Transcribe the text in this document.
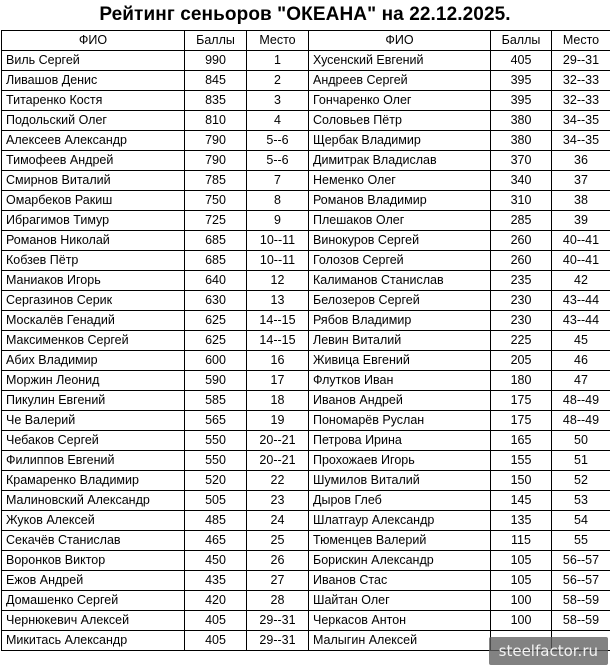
Рейтинг сеньоров "ОКЕАНА" на 22.12.2025.
ФИО	Баллы	Место	ФИО	Баллы	Место
Виль Сергей	990	1	Хусенский Евгений	405	29--31
Ливашов Денис	845	2	Андреев Сергей	395	32--33
Титаренко Костя	835	3	Гончаренко Олег	395	32--33
Подольский Олег	810	4	Соловьев Пётр	380	34--35
Алексеев Александр	790	5--6	Щербак Владимир	380	34--35
Тимофеев Андрей	790	5--6	Димитрак Владислав	370	36
Смирнов Виталий	785	7	Неменко Олег	340	37
Омарбеков Ракиш	750	8	Романов Владимир	310	38
Ибрагимов Тимур	725	9	Плешаков Олег	285	39
Романов Николай	685	10--11	Винокуров Сергей	260	40--41
Кобзев Пётр	685	10--11	Голозов Сергей	260	40--41
Маниаков Игорь	640	12	Калиманов Станислав	235	42
Сергазинов Серик	630	13	Белозеров Сергей	230	43--44
Москалёв Генадий	625	14--15	Рябов Владимир	230	43--44
Максименков Сергей	625	14--15	Левин Виталий	225	45
Абих Владимир	600	16	Живица Евгений	205	46
Моржин Леонид	590	17	Флутков Иван	180	47
Пикулин Евгений	585	18	Иванов Андрей	175	48--49
Че Валерий	565	19	Пономарёв Руслан	175	48--49
Чебаков Сергей	550	20--21	Петрова Ирина	165	50
Филиппов Евгений	550	20--21	Прохожаев Игорь	155	51
Крамаренко Владимир	520	22	Шумилов Виталий	150	52
Малиновский Александр	505	23	Дыров Глеб	145	53
Жуков Алексей	485	24	Шлатгаур Александр	135	54
Секачёв Станислав	465	25	Тюменцев Валерий	115	55
Воронков Виктор	450	26	Борискин Александр	105	56--57
Ежов Андрей	435	27	Иванов Стас	105	56--57
Домашенко Сергей	420	28	Шайтан Олег	100	58--59
Чернюкевич Алексей	405	29--31	Черкасов Антон	100	58--59
Микитась Александр	405	29--31	Малыгин Алексей		
steelfactor.ru
